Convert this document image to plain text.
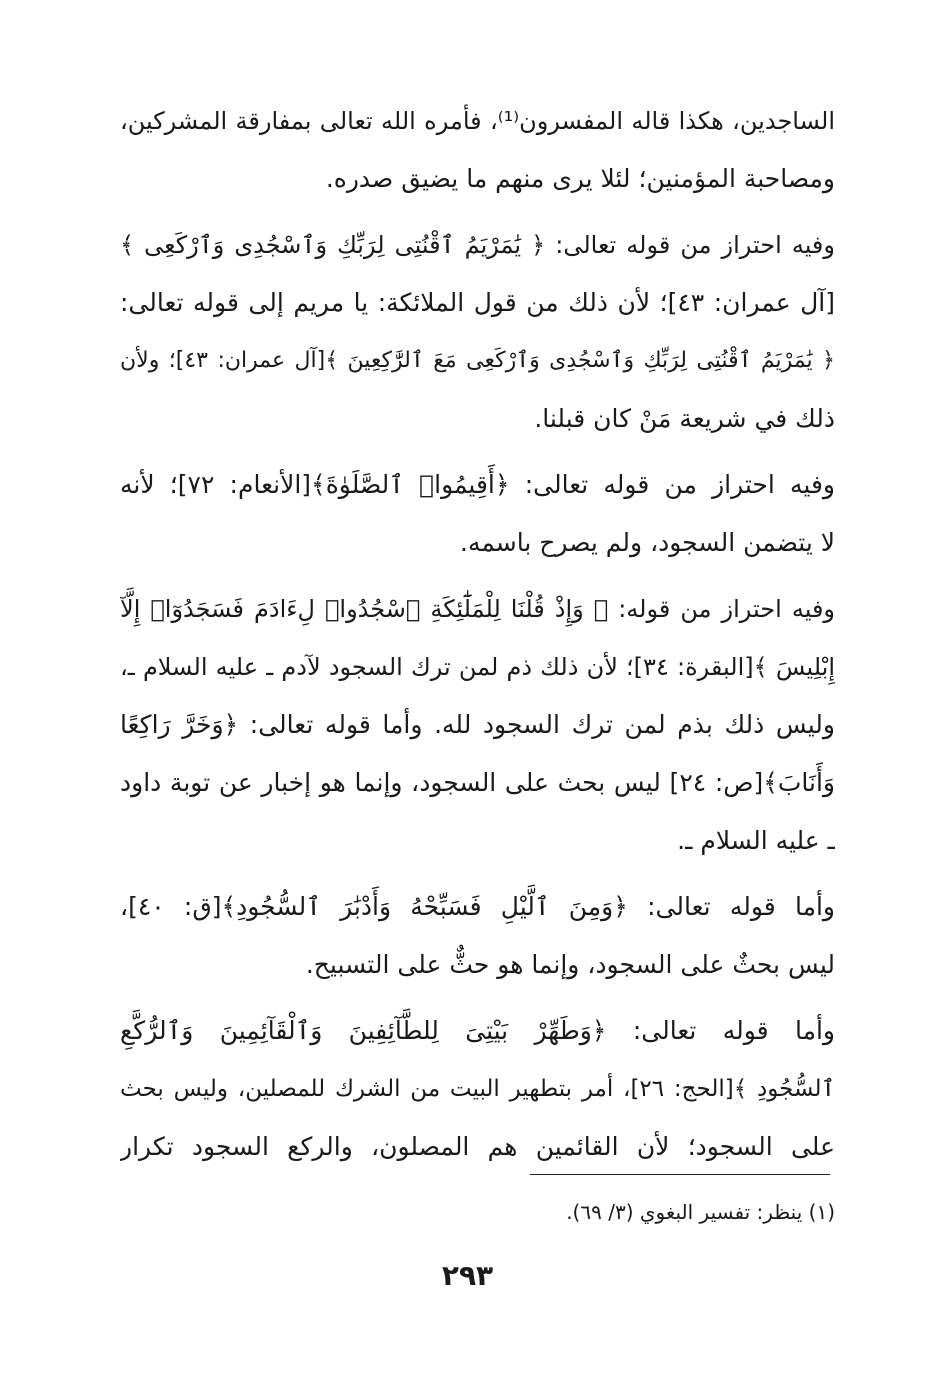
الساجدين، هكذا قاله المفسرون⁽¹⁾، فأمره الله تعالى بمفارقة المشركين،
ومصاحبة المؤمنين؛ لئلا يرى منهم ما يضيق صدره.
وفيه احتراز من قوله تعالى: ﴿ يَٰمَرْيَمُ ٱقْنُتِى لِرَبِّكِ وَٱسْجُدِى وَٱرْكَعِى ﴾
[آل عمران: ٤٣]؛ لأن ذلك من قول الملائكة: يا مريم إلى قوله تعالى:
﴿ يَٰمَرْيَمُ ٱقْنُتِى لِرَبِّكِ وَٱسْجُدِى وَٱرْكَعِى مَعَ ٱلرَّٰكِعِينَ ﴾[آل عمران: ٤٣]؛ ولأن
ذلك في شريعة مَنْ كان قبلنا.
وفيه احتراز من قوله تعالى: ﴿أَقِيمُوا۟ ٱلصَّلَوٰةَ﴾[الأنعام: ٧٢]؛ لأنه
لا يتضمن السجود، ولم يصرح باسمه.
وفيه احتراز من قوله: ﴿ وَإِذْ قُلْنَا لِلْمَلَٰٓئِكَةِ ٱسْجُدُوا۟ لِءَادَمَ فَسَجَدُوٓا۟ إِلَّآ
إِبْلِيسَ ﴾[البقرة: ٣٤]؛ لأن ذلك ذم لمن ترك السجود لآدم ـ عليه السلام ـ،
وليس ذلك بذم لمن ترك السجود لله. وأما قوله تعالى: ﴿وَخَرَّ رَاكِعًا
وَأَنَابَ﴾[ص: ٢٤] ليس بحث على السجود، وإنما هو إخبار عن توبة داود
ـ عليه السلام ـ.
وأما قوله تعالى: ﴿وَمِنَ ٱلَّيْلِ فَسَبِّحْهُ وَأَدْبَٰرَ ٱلسُّجُودِ﴾[ق: ٤٠]،
ليس بحثٌ على السجود، وإنما هو حثٌّ على التسبيح.
وأما قوله تعالى: ﴿وَطَهِّرْ بَيْتِىَ لِلطَّآئِفِينَ وَٱلْقَآئِمِينَ وَٱلرُّكَّعِ
ٱلسُّجُودِ ﴾[الحج: ٢٦]، أمر بتطهير البيت من الشرك للمصلين، وليس بحث
على السجود؛ لأن القائمين هم المصلون، والركع السجود تكرار
(١) ينظر: تفسير البغوي (٣/ ٦٩).
٢٩٣
